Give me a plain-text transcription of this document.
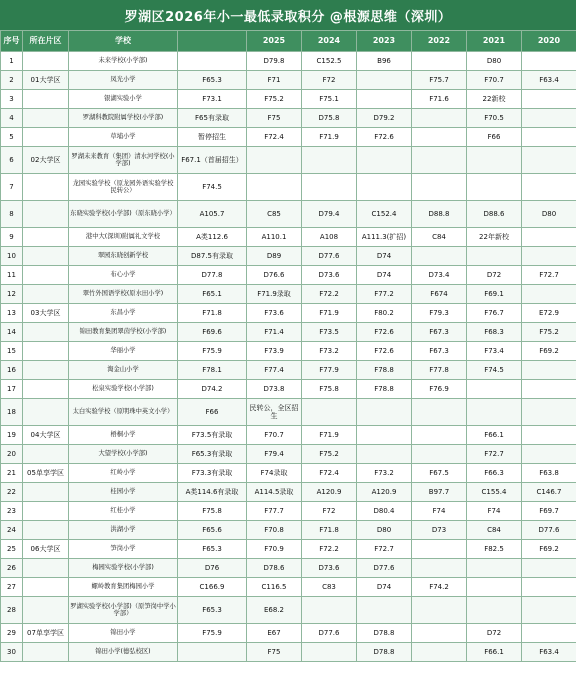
罗湖区2026年小一最低录取积分 @根源思维（深圳）
序号	所在片区	学校		2025	2024	2023	2022	2021	2020
1		未来学校(小学部)		D79.8	C152.5	B96		D80	
2	01大学区	凤光小学	F65.3	F71	F72		F75.7	F70.7	F63.4
3		银湖实验小学	F73.1	F75.2	F75.1		F71.6	22新校	
4		罗湖科教院附属学校(小学部)	F65有录取	F75	D75.8	D79.2		F70.5	
5		草埔小学	暂停招生	F72.4	F71.9	F72.6		F66	
6	02大学区	罗湖未来教育（集团）清水河学校(小学部)	F67.1（首届招生）						
7		龙园实验学校（原龙园外语实验学校 民转公）	F74.5						
8		东晓实验学校(小学部)（原东晓小学）	A105.7	C85	D79.4	C152.4	D88.8	D88.6	D80
9		港中大(深圳)附属礼文学校	A类112.6	A110.1	A108	A111.3(扩招)	C84	22年新校	
10		翠园东晓创新学校	D87.5有录取	D89	D77.6	D74			
11		布心小学	D77.8	D76.6	D73.6	D74	D73.4	D72	F72.7
12		翠竹外国语学校(原水田小学)	F65.1	F71.9录取	F72.2	F77.2	F674	F69.1	
13	03大学区	东昌小学	F71.8	F73.6	F71.9	F80.2	F79.3	F76.7	E72.9
14		锦田教育集团翠茵学校(小学部)	F69.6	F71.4	F73.5	F72.6	F67.3	F68.3	F75.2
15		华丽小学	F75.9	F73.9	F73.2	F72.6	F67.3	F73.4	F69.2
16		淘金山小学	F78.1	F77.4	F77.9	F78.8	F77.8	F74.5	
17		松泉实验学校(小学部)	D74.2	D73.8	F75.8	F78.8	F76.9		
18		太白实验学校（原明珠中英文小学）	F66	民转公，全区招生					
19	04大学区	梧桐小学	F73.5有录取	F70.7	F71.9			F66.1	
20		大望学校(小学部)	F65.3有录取	F79.4	F75.2			F72.7	
21	05单享学区	红岭小学	F73.3有录取	F74录取	F72.4	F73.2	F67.5	F66.3	F63.8
22		桂园小学	A类114.6有录取	A114.5录取	A120.9	A120.9	B97.7	C155.4	C146.7
23		红桂小学	F75.8	F77.7	F72	D80.4	F74	F74	F69.7
24		洪湖小学	F65.6	F70.8	F71.8	D80	D73	C84	D77.6
25	06大学区	笋岗小学	F65.3	F70.9	F72.2	F72.7		F82.5	F69.2
26		梅园实验学校(小学部)	D76	D78.6	D73.6	D77.6			
27		螺岭教育集团梅园小学	C166.9	C116.5	C83	D74	F74.2		
28		罗湖实验学校(小学部)（原笋岗中学小学部）	F65.3	E68.2					
29	07单享学区	锦田小学	F75.9	E67	D77.6	D78.8		D72	
30		锦田小学(德弘校区)		F75		D78.8		F66.1	F63.4
